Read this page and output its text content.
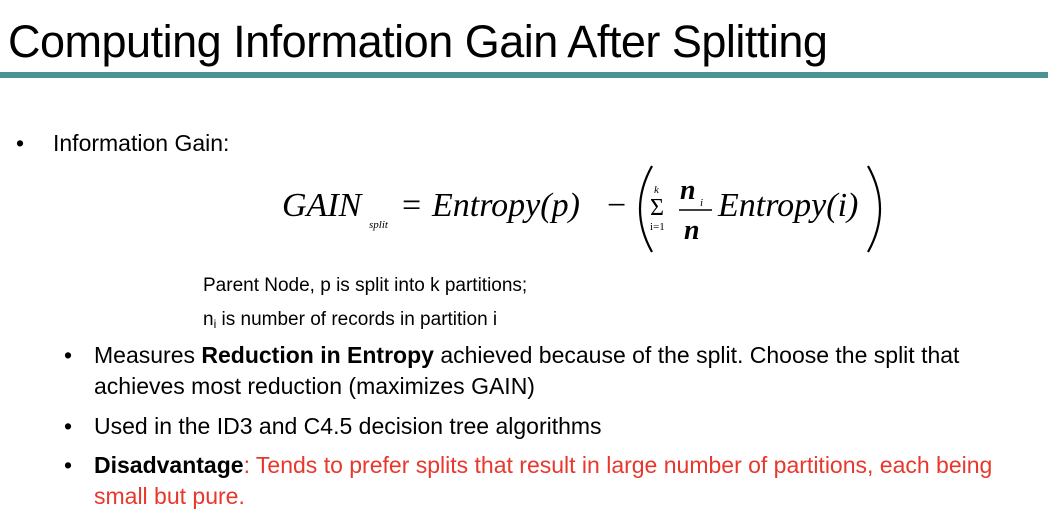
Computing Information Gain After Splitting
• Information Gain:
GAIN
split
= Entropy(p) −	k
Σ
i=1
n i
n
Entropy(i)
Parent Node, p is split into k partitions;
$n_i$ is number of records in partition i
• Measures Reduction in Entropy achieved because of the split. Choose the split that achieves most reduction (maximizes GAIN)
• Used in the ID3 and C4.5 decision tree algorithms
• Disadvantage: Tends to prefer splits that result in large number of partitions, each being small but pure.
